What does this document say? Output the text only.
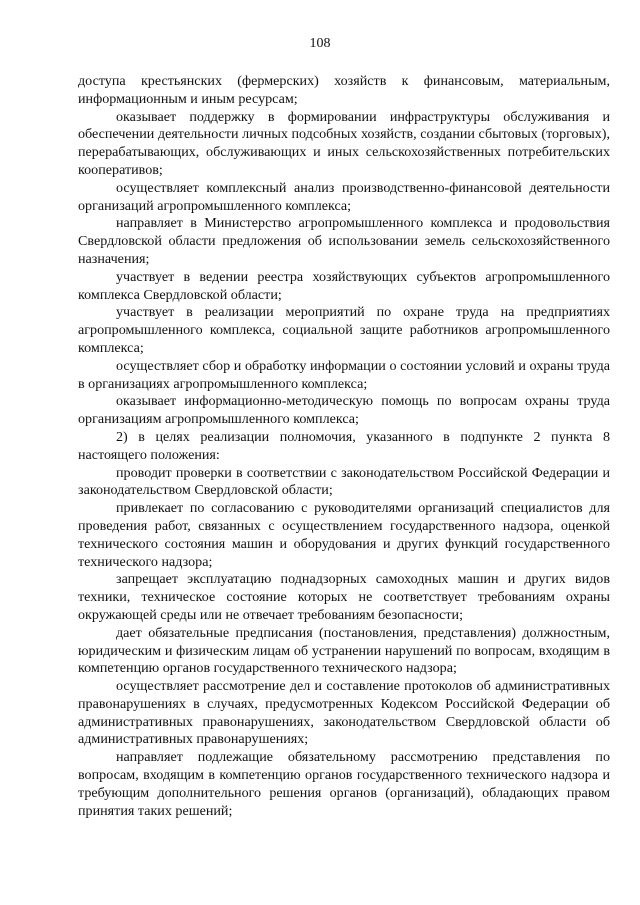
108

доступа крестьянских (фермерских) хозяйств к финансовым, материальным, информационным и иным ресурсам;

оказывает поддержку в формировании инфраструктуры обслуживания и обеспечении деятельности личных подсобных хозяйств, создании сбытовых (торговых), перерабатывающих, обслуживающих и иных сельскохозяйственных потребительских кооперативов;

осуществляет комплексный анализ производственно-финансовой деятельности организаций агропромышленного комплекса;

направляет в Министерство агропромышленного комплекса и продовольствия Свердловской области предложения об использовании земель сельскохозяйственного назначения;

участвует в ведении реестра хозяйствующих субъектов агропромышленного комплекса Свердловской области;

участвует в реализации мероприятий по охране труда на предприятиях агропромышленного комплекса, социальной защите работников агропромышленного комплекса;

осуществляет сбор и обработку информации о состоянии условий и охраны труда в организациях агропромышленного комплекса;

оказывает информационно-методическую помощь по вопросам охраны труда организациям агропромышленного комплекса;

2) в целях реализации полномочия, указанного в подпункте 2 пункта 8 настоящего положения:

проводит проверки в соответствии с законодательством Российской Федерации и законодательством Свердловской области;

привлекает по согласованию с руководителями организаций специалистов для проведения работ, связанных с осуществлением государственного надзора, оценкой технического состояния машин и оборудования и других функций государственного технического надзора;

запрещает эксплуатацию поднадзорных самоходных машин и других видов техники, техническое состояние которых не соответствует требованиям охраны окружающей среды или не отвечает требованиям безопасности;

дает обязательные предписания (постановления, представления) должностным, юридическим и физическим лицам об устранении нарушений по вопросам, входящим в компетенцию органов государственного технического надзора;

осуществляет рассмотрение дел и составление протоколов об административных правонарушениях в случаях, предусмотренных Кодексом Российской Федерации об административных правонарушениях, законодательством Свердловской области об административных правонарушениях;

направляет подлежащие обязательному рассмотрению представления по вопросам, входящим в компетенцию органов государственного технического надзора и требующим дополнительного решения органов (организаций), обладающих правом принятия таких решений;
